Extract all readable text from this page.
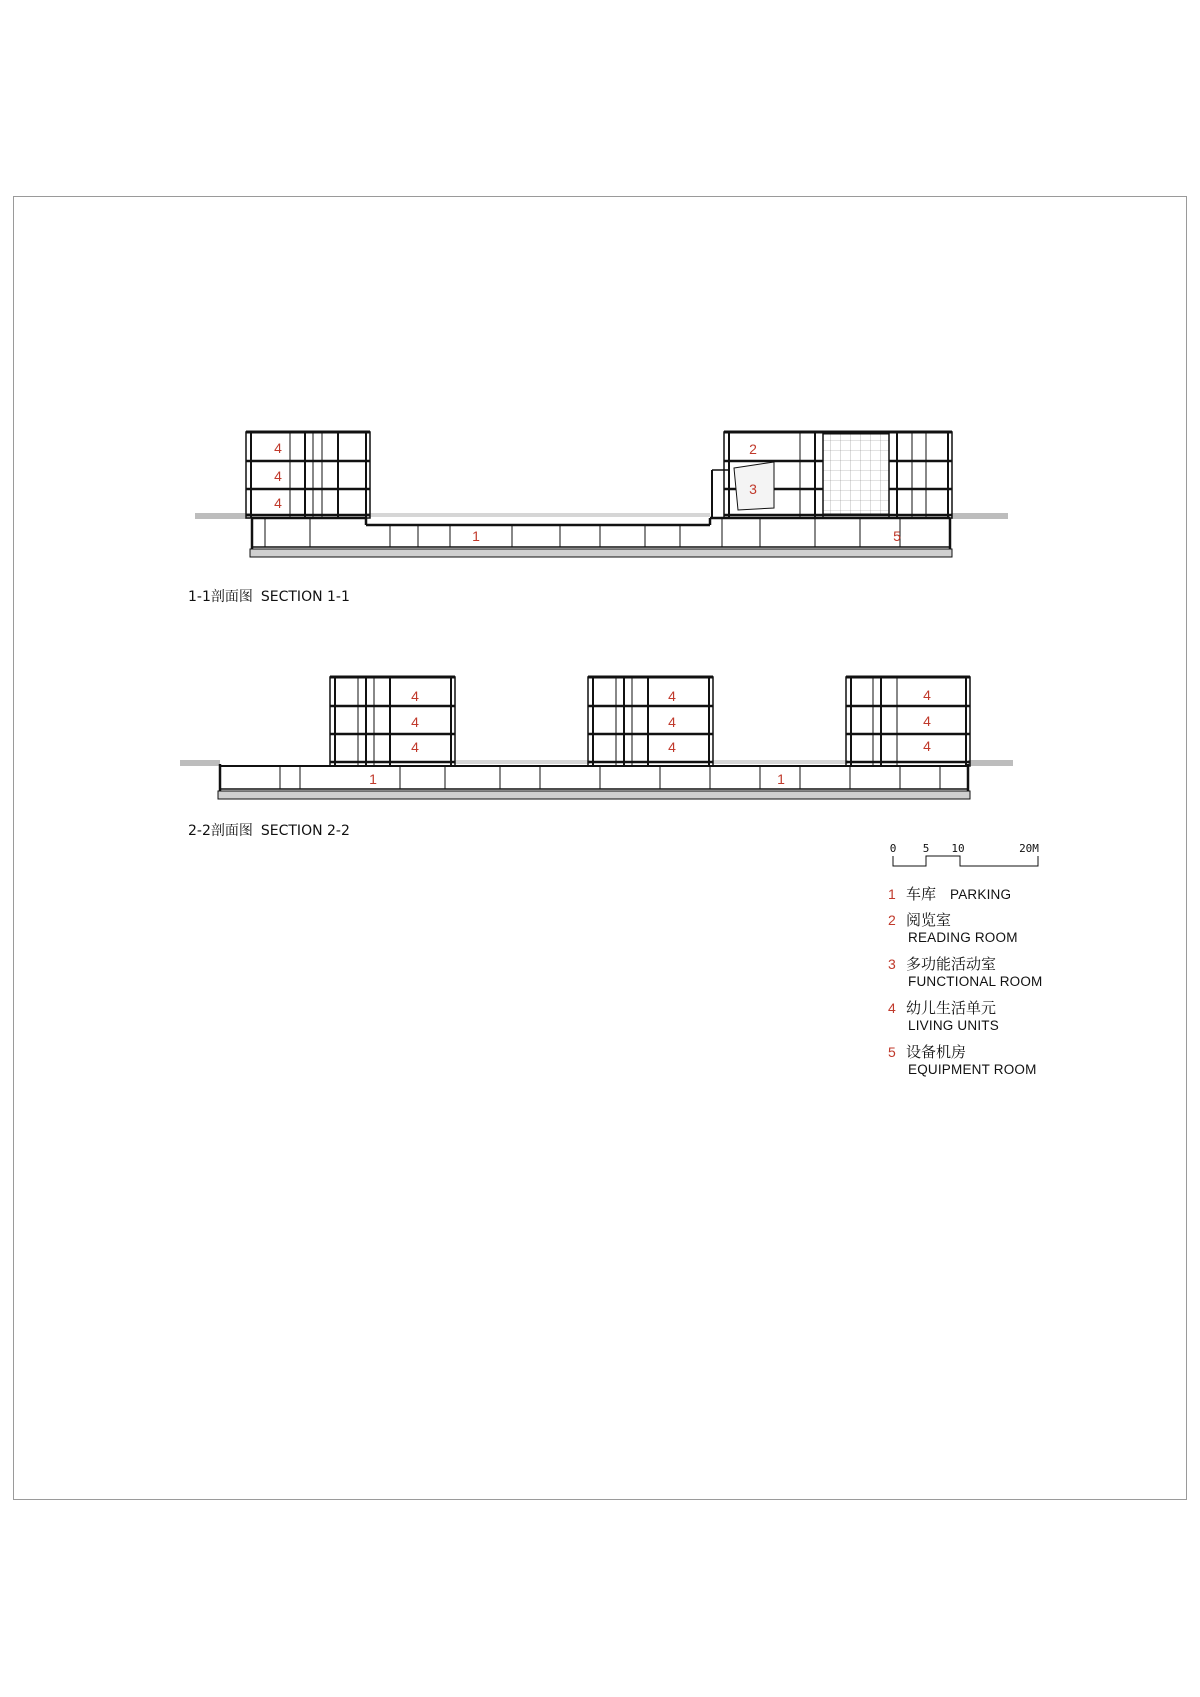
4
4
4
2
3
1	5
4
4
4
4
4
4
4
4
4
1	1
0 5 10	20M
1-1剖面图 SECTION 1-1
2-2剖面图 SECTION 2-2
1 车库 PARKING
2 阅览室
READING ROOM
3 多功能活动室
FUNCTIONAL ROOM
4 幼儿生活单元
LIVING UNITS
5 设备机房
EQUIPMENT ROOM
